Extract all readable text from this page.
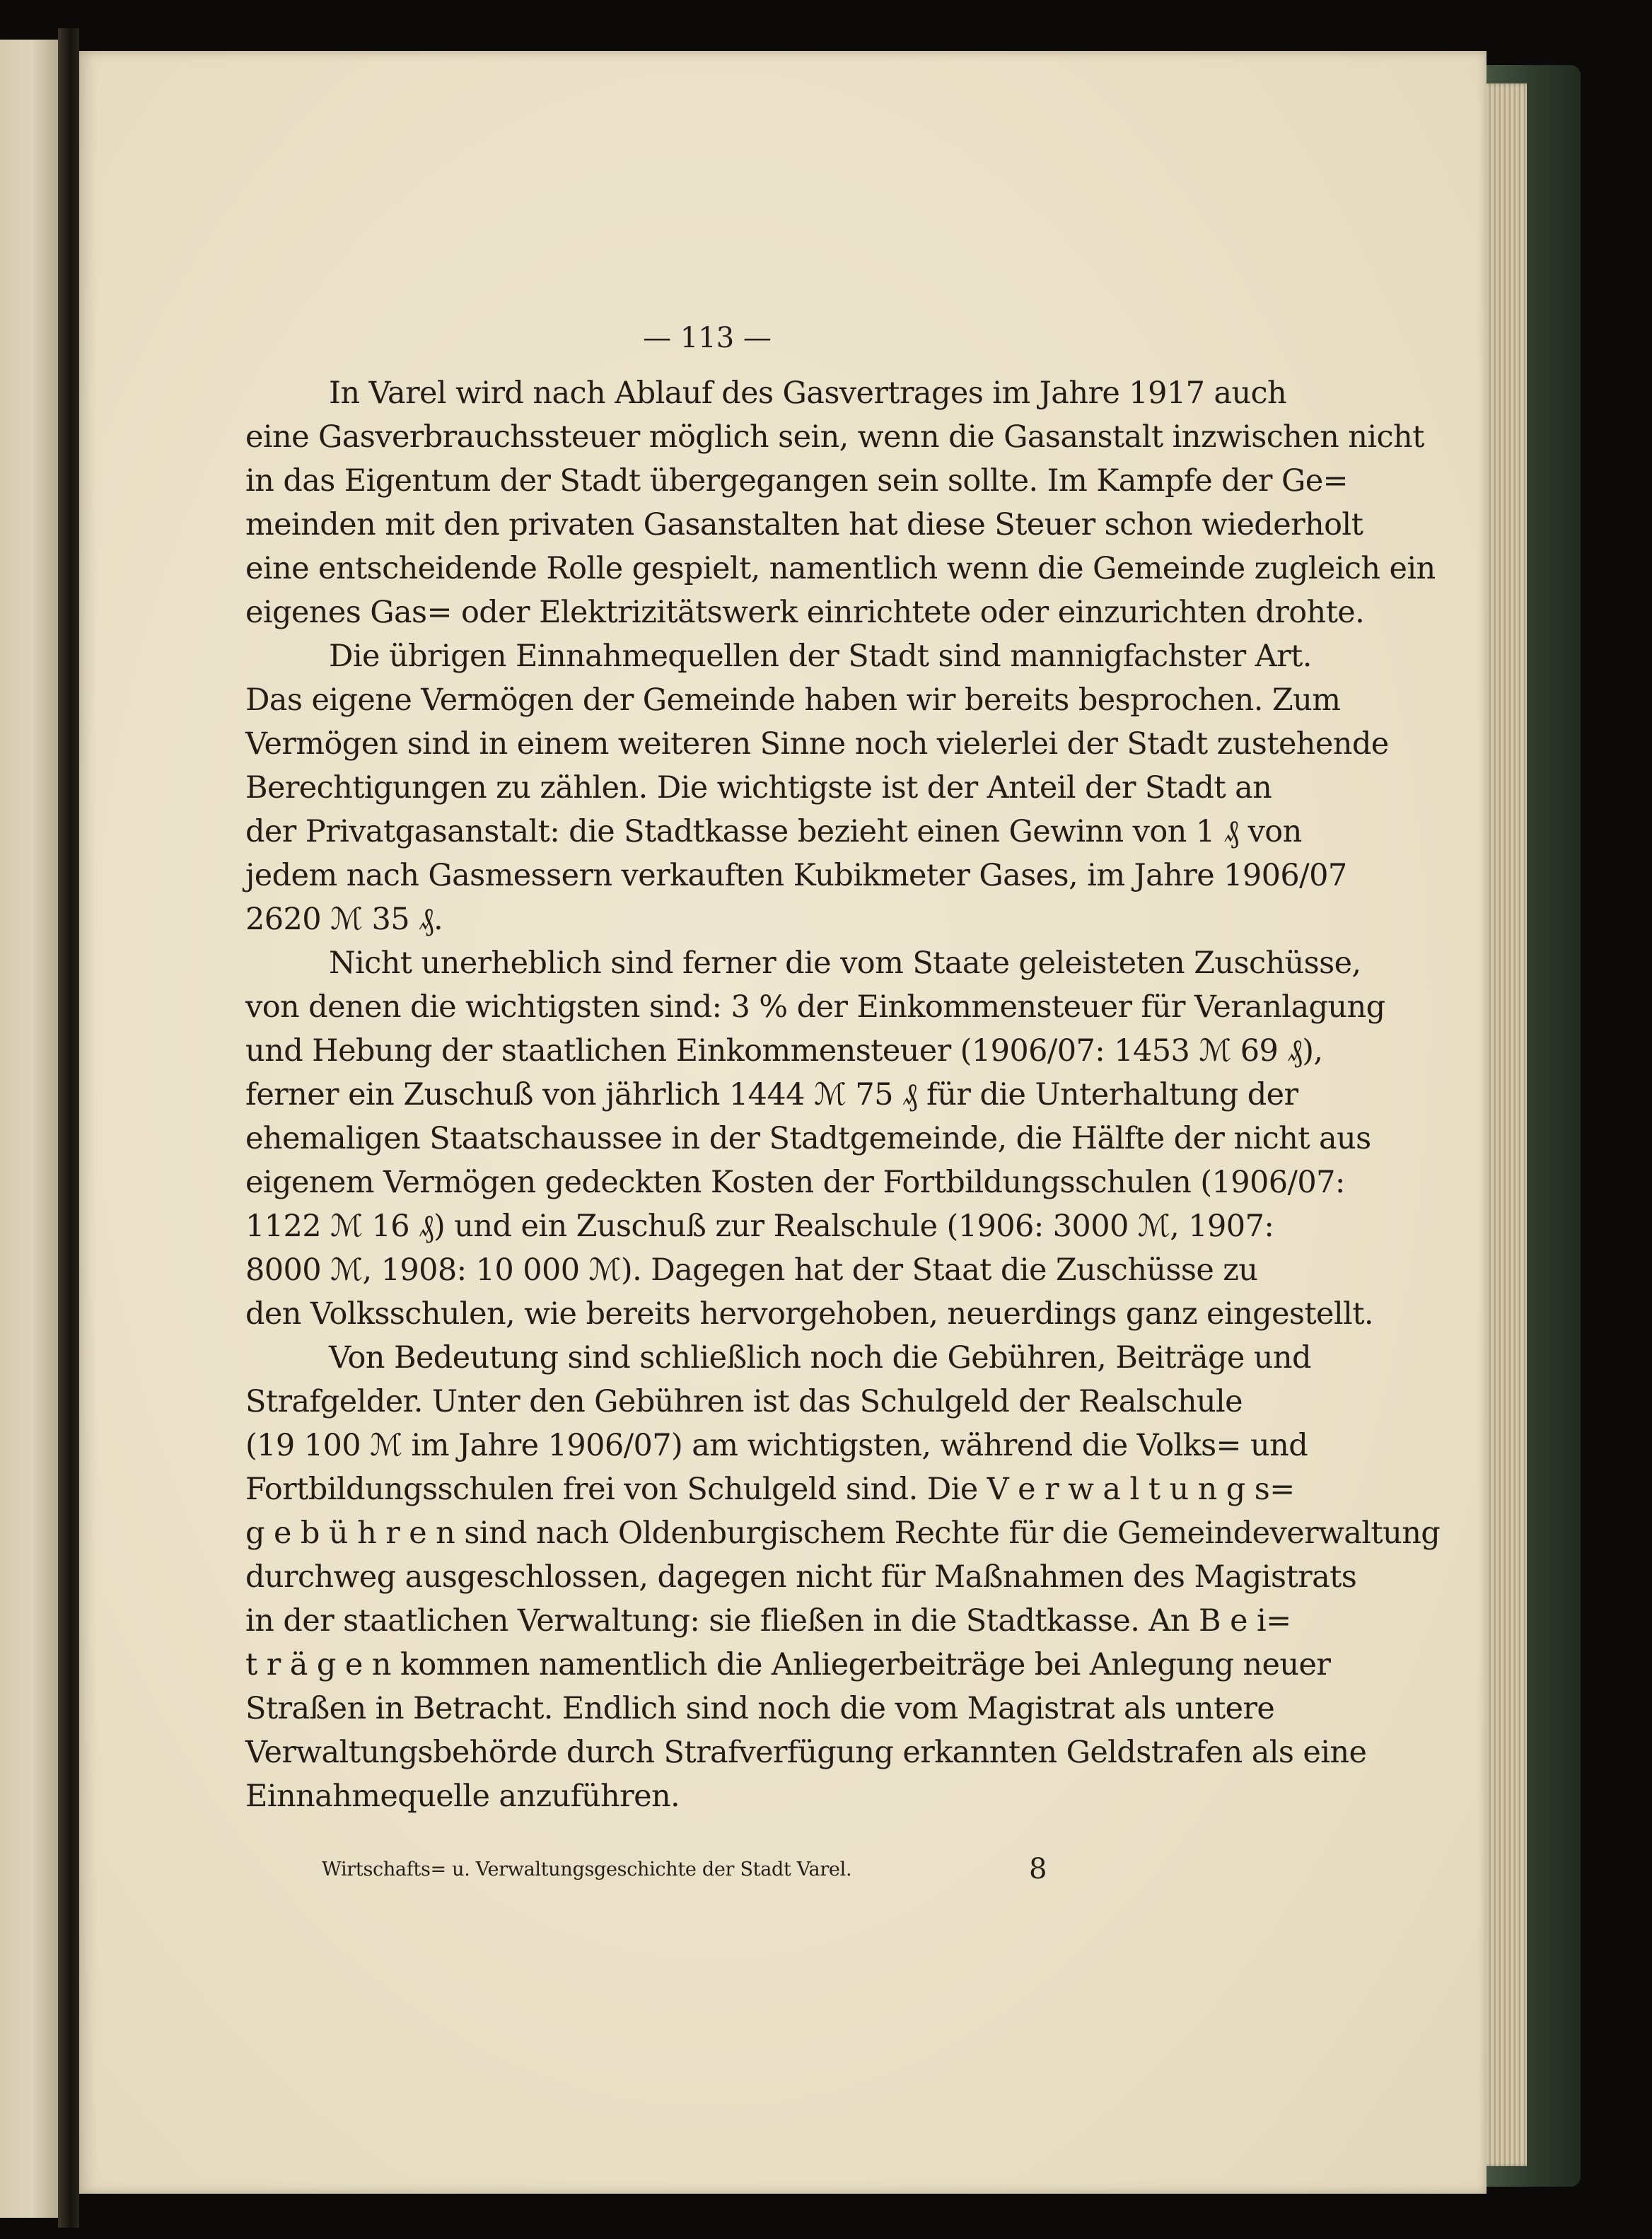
— 113 —
In Varel wird nach Ablauf des Gasvertrages im Jahre 1917 auch
eine Gasverbrauchssteuer möglich sein, wenn die Gasanstalt inzwischen nicht
in das Eigentum der Stadt übergegangen sein sollte. Im Kampfe der Ge=
meinden mit den privaten Gasanstalten hat diese Steuer schon wiederholt
eine entscheidende Rolle gespielt, namentlich wenn die Gemeinde zugleich ein
eigenes Gas= oder Elektrizitätswerk einrichtete oder einzurichten drohte.
Die übrigen Einnahmequellen der Stadt sind mannigfachster Art.
Das eigene Vermögen der Gemeinde haben wir bereits besprochen. Zum
Vermögen sind in einem weiteren Sinne noch vielerlei der Stadt zustehende
Berechtigungen zu zählen. Die wichtigste ist der Anteil der Stadt an
der Privatgasanstalt: die Stadtkasse bezieht einen Gewinn von 1 ₰ von
jedem nach Gasmessern verkauften Kubikmeter Gases, im Jahre 1906/07
2620 ℳ 35 ₰.
Nicht unerheblich sind ferner die vom Staate geleisteten Zuschüsse,
von denen die wichtigsten sind: 3 % der Einkommensteuer für Veranlagung
und Hebung der staatlichen Einkommensteuer (1906/07: 1453 ℳ 69 ₰),
ferner ein Zuschuß von jährlich 1444 ℳ 75 ₰ für die Unterhaltung der
ehemaligen Staatschaussee in der Stadtgemeinde, die Hälfte der nicht aus
eigenem Vermögen gedeckten Kosten der Fortbildungsschulen (1906/07:
1122 ℳ 16 ₰) und ein Zuschuß zur Realschule (1906: 3000 ℳ, 1907:
8000 ℳ, 1908: 10 000 ℳ). Dagegen hat der Staat die Zuschüsse zu
den Volksschulen, wie bereits hervorgehoben, neuerdings ganz eingestellt.
Von Bedeutung sind schließlich noch die Gebühren, Beiträge und
Strafgelder. Unter den Gebühren ist das Schulgeld der Realschule
(19 100 ℳ im Jahre 1906/07) am wichtigsten, während die Volks= und
Fortbildungsschulen frei von Schulgeld sind. Die V e r w a l t u n g s=
g e b ü h r e n sind nach Oldenburgischem Rechte für die Gemeindeverwaltung
durchweg ausgeschlossen, dagegen nicht für Maßnahmen des Magistrats
in der staatlichen Verwaltung: sie fließen in die Stadtkasse. An B e i=
t r ä g e n kommen namentlich die Anliegerbeiträge bei Anlegung neuer
Straßen in Betracht. Endlich sind noch die vom Magistrat als untere
Verwaltungsbehörde durch Strafverfügung erkannten Geldstrafen als eine
Einnahmequelle anzuführen.
Wirtschafts= u. Verwaltungsgeschichte der Stadt Varel.	8
